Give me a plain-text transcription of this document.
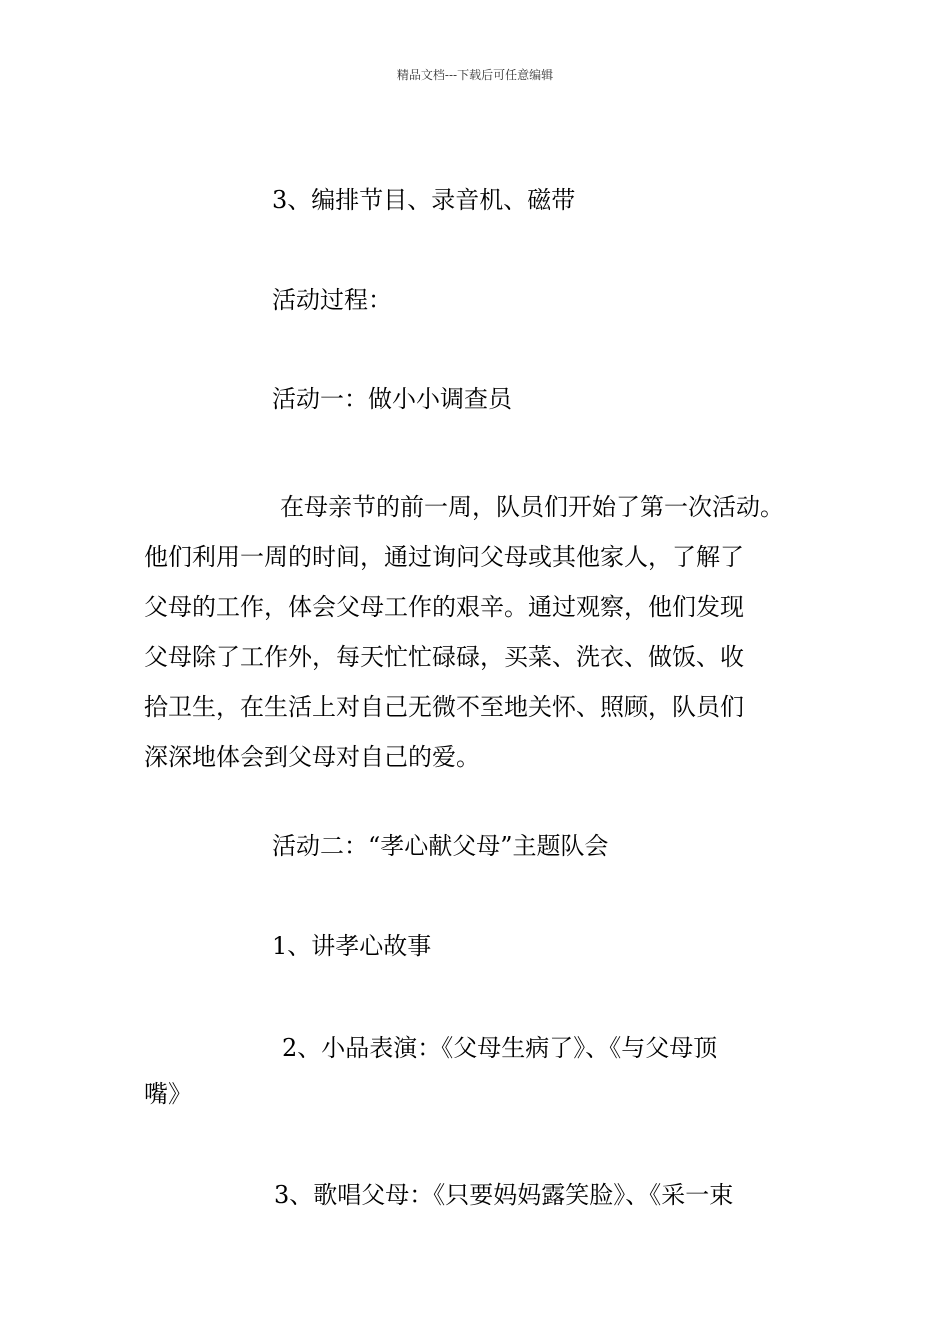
精品文档---下载后可任意编辑
3、编排节目、录音机、磁带
活动过程：
活动一：做小小调查员
在母亲节的前一周，队员们开始了第一次活动。
他们利用一周的时间，通过询问父母或其他家人，了解了
父母的工作，体会父母工作的艰辛。通过观察，他们发现
父母除了工作外，每天忙忙碌碌，买菜、洗衣、做饭、收
拾卫生，在生活上对自己无微不至地关怀、照顾，队员们
深深地体会到父母对自己的爱。
活动二：“孝心献父母”主题队会
1、讲孝心故事
2、小品表演：《父母生病了》、《与父母顶
嘴》
3、歌唱父母：《只要妈妈露笑脸》、《采一束
